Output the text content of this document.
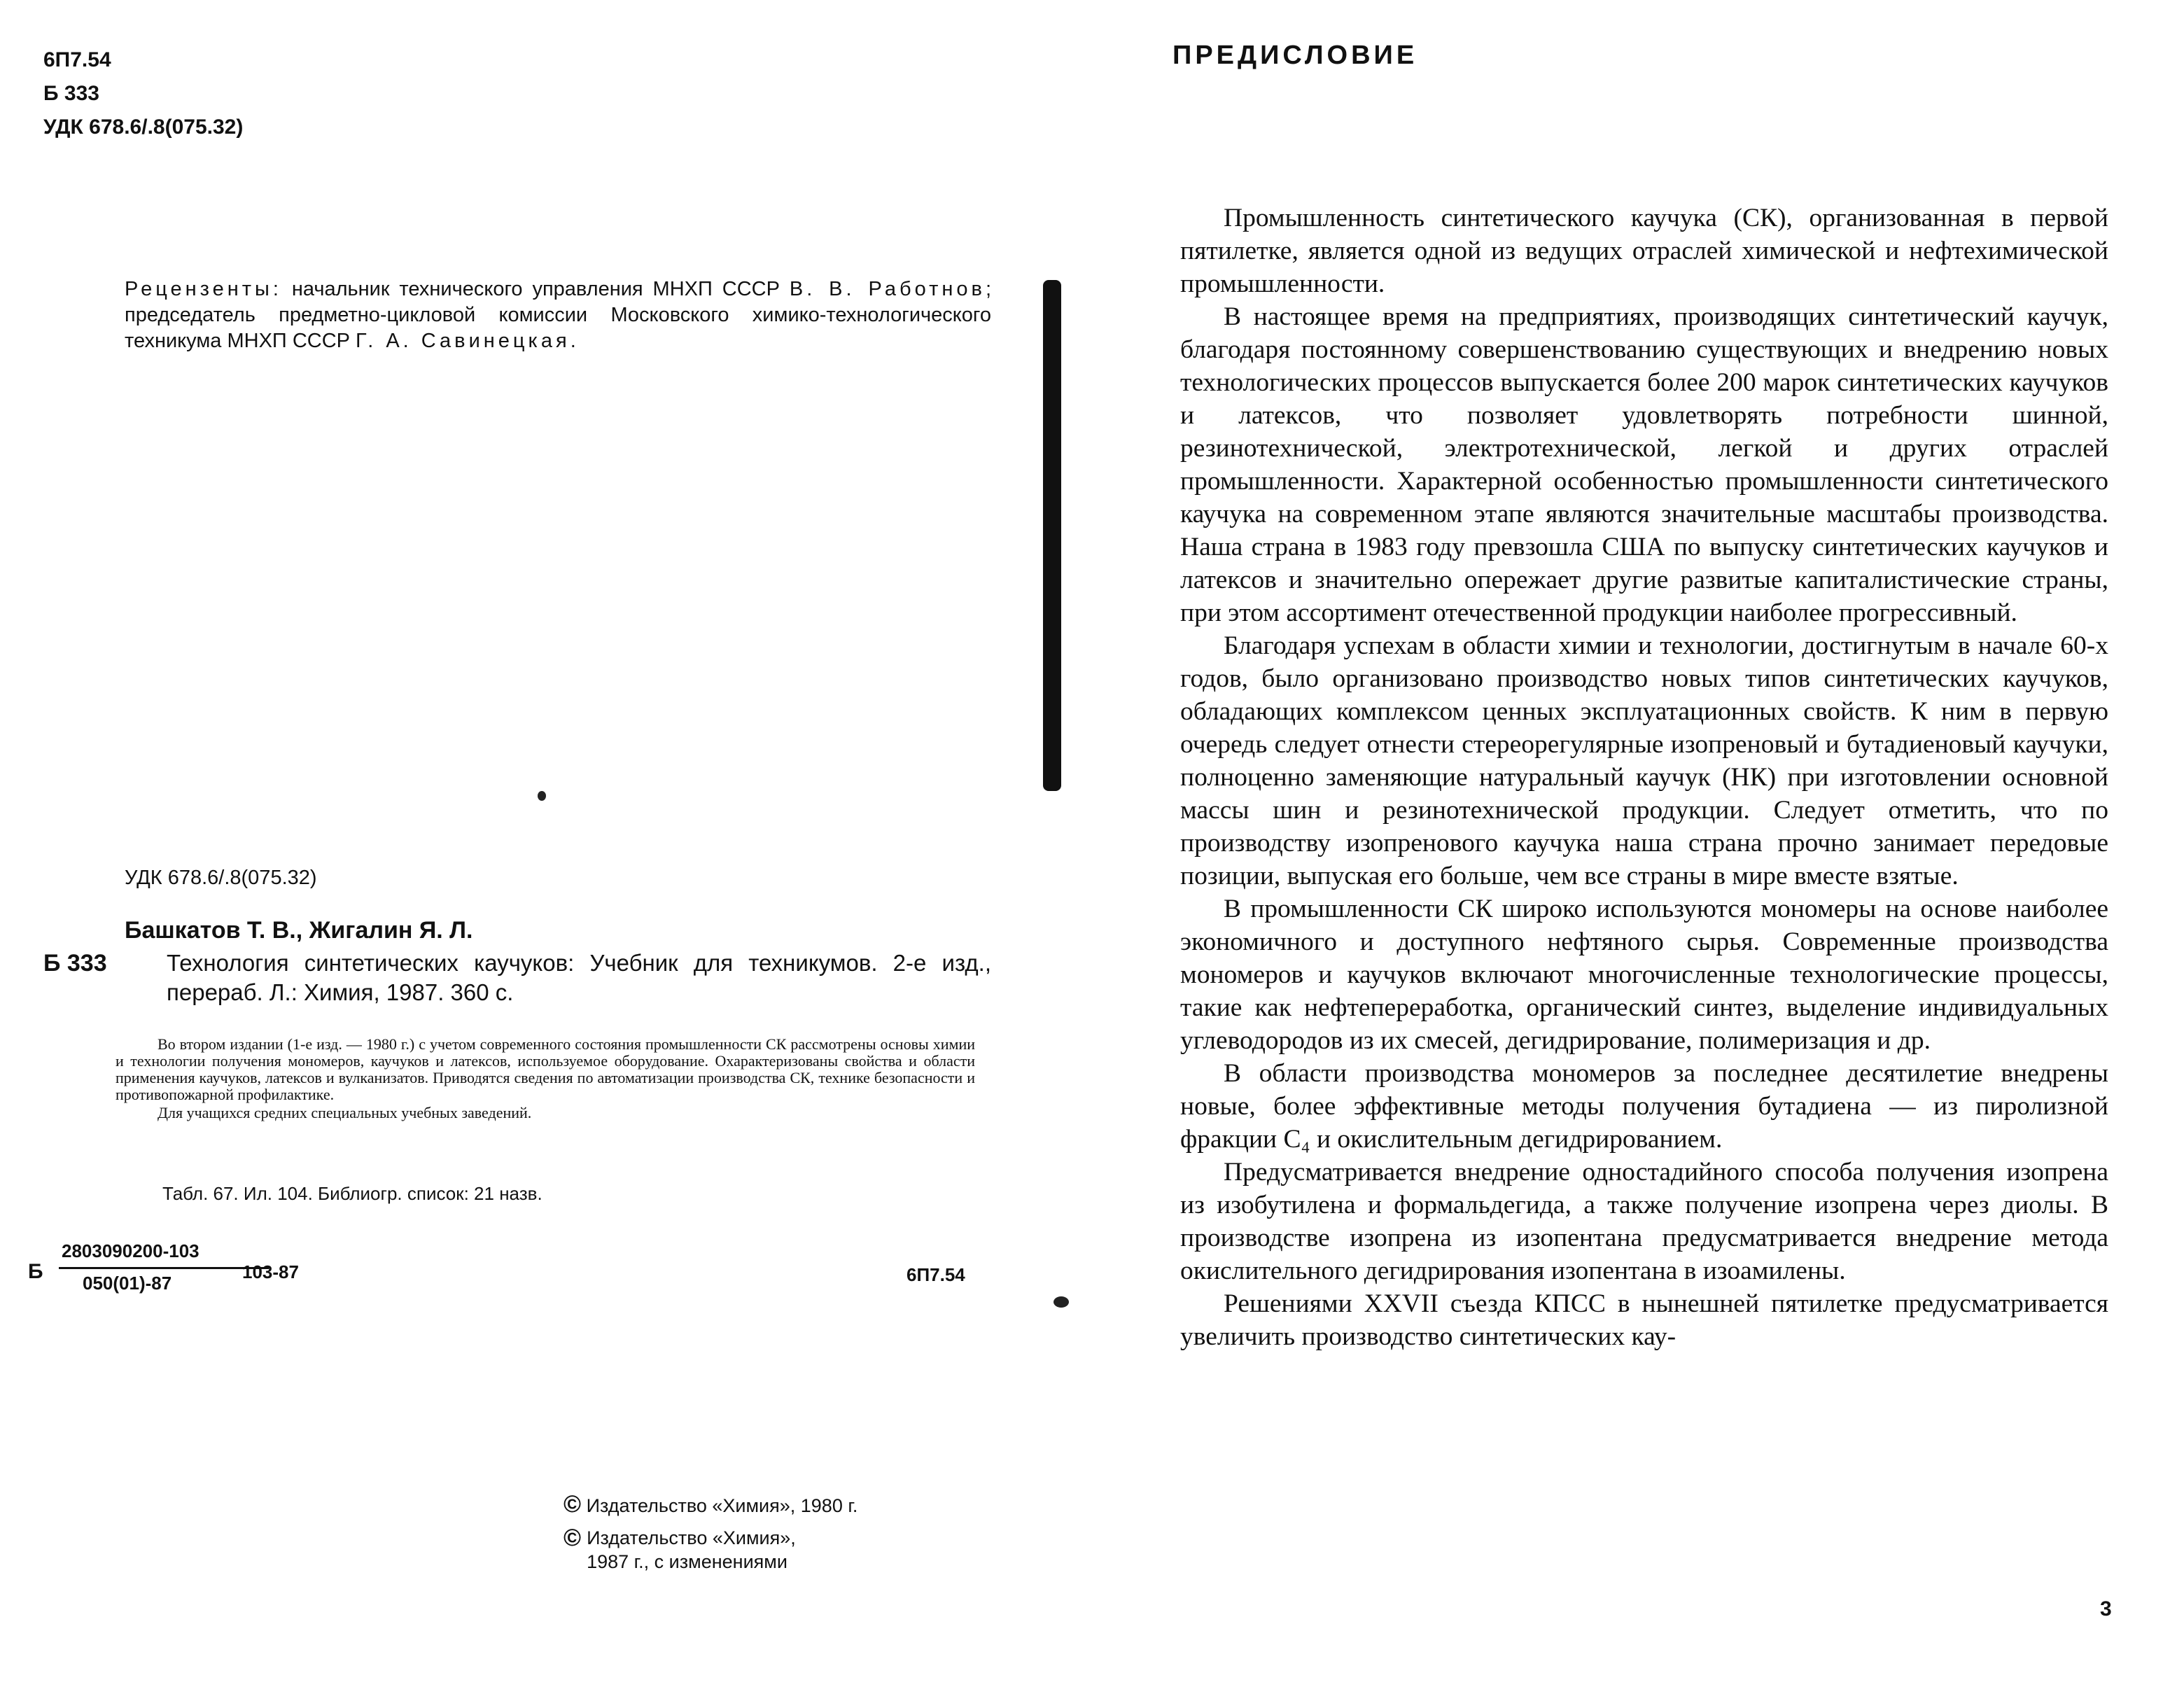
6П7.54
Б 333
УДК 678.6/.8(075.32)
Рецензенты: начальник технического управления МНХП СССР В. В. Работнов; председатель предметно-цикловой комиссии Московского химико-технологического техникума МНХП СССР Г. А. Савинецкая.
УДК 678.6/.8(075.32)
Башкатов Т. В., Жигалин Я. Л.
Б 333	Технология синтетических каучуков: Учебник для техникумов. 2-е изд., перераб. Л.: Химия, 1987. 360 с.

Во втором издании (1-е изд. — 1980 г.) с учетом современного состояния промышленности СК рассмотрены основы химии и технологии получения мономеров, каучуков и латексов, используемое оборудование. Охарактеризованы свойства и области применения каучуков, латексов и вулканизатов. Приводятся сведения по автоматизации производства СК, технике безопасности и противопожарной профилактике.

Для учащихся средних специальных учебных заведений.

Табл. 67. Ил. 104. Библиогр. список: 21 назв.
Б
2803090200-103
050(01)-87
103-87	6П7.54
© Издательство «Химия», 1980 г.
© Издательство «Химия», 1987 г., с изменениями
ПРЕДИСЛОВИЕ

Промышленность синтетического каучука (СК), организованная в первой пятилетке, является одной из ведущих отраслей химической и нефтехимической промышленности.

В настоящее время на предприятиях, производящих синтетический каучук, благодаря постоянному совершенствованию существующих и внедрению новых технологических процессов выпускается более 200 марок синтетических каучуков и латексов, что позволяет удовлетворять потребности шинной, резинотехнической, электротехнической, легкой и других отраслей промышленности. Характерной особенностью промышленности синтетического каучука на современном этапе являются значительные масштабы производства. Наша страна в 1983 году превзошла США по выпуску синтетических каучуков и латексов и значительно опережает другие развитые капиталистические страны, при этом ассортимент отечественной продукции наиболее прогрессивный.

Благодаря успехам в области химии и технологии, достигнутым в начале 60-х годов, было организовано производство новых типов синтетических каучуков, обладающих комплексом ценных эксплуатационных свойств. К ним в первую очередь следует отнести стереорегулярные изопреновый и бутадиеновый каучуки, полноценно заменяющие натуральный каучук (НК) при изготовлении основной массы шин и резинотехнической продукции. Следует отметить, что по производству изопренового каучука наша страна прочно занимает передовые позиции, выпуская его больше, чем все страны в мире вместе взятые.

В промышленности СК широко используются мономеры на основе наиболее экономичного и доступного нефтяного сырья. Современные производства мономеров и каучуков включают многочисленные технологические процессы, такие как нефтепереработка, органический синтез, выделение индивидуальных углеводородов из их смесей, дегидрирование, полимеризация и др.

В области производства мономеров за последнее десятилетие внедрены новые, более эффективные методы получения бутадиена — из пиролизной фракции C₄ и окислительным дегидрированием.

Предусматривается внедрение одностадийного способа получения изопрена из изобутилена и формальдегида, а также получение изопрена через диолы. В производстве изопрена из изопентана предусматривается внедрение метода окислительного дегидрирования изопентана в изоамилены.

Решениями XXVII съезда КПСС в нынешней пятилетке предусматривается увеличить производство синтетических кау-

3
